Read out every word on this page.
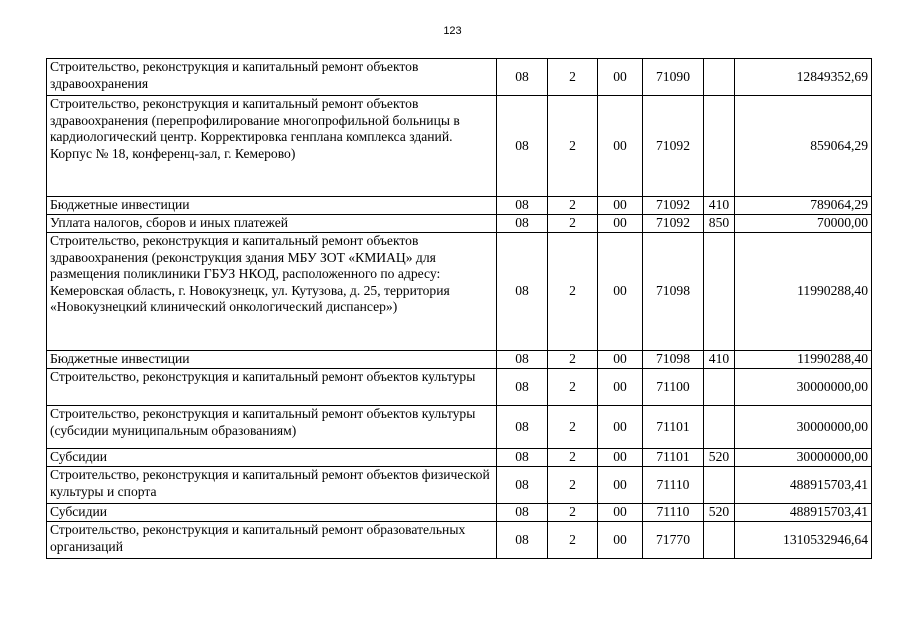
123
Строительство, реконструкция и капитальный ремонт объектов здравоохранения	08	2	00	71090		12849352,69
Строительство, реконструкция и капитальный ремонт объектов здравоохранения (перепрофилирование многопрофильной больницы в кардиологический центр. Корректировка генплана комплекса зданий. Корпус № 18, конференц-зал, г. Кемерово)	08	2	00	71092		859064,29
Бюджетные инвестиции	08	2	00	71092	410	789064,29
Уплата налогов, сборов и иных платежей	08	2	00	71092	850	70000,00
Строительство, реконструкция и капитальный ремонт объектов здравоохранения (реконструкция здания МБУ ЗОТ «КМИАЦ» для размещения поликлиники ГБУЗ НКОД, расположенного по адресу: Кемеровская область, г. Новокузнецк, ул. Кутузова, д. 25, территория «Новокузнецкий клинический онкологический диспансер»)	08	2	00	71098		11990288,40
Бюджетные инвестиции	08	2	00	71098	410	11990288,40
Строительство, реконструкция и капитальный ремонт объектов культуры	08	2	00	71100		30000000,00
Строительство, реконструкция и капитальный ремонт объектов культуры (субсидии муниципальным образованиям)	08	2	00	71101		30000000,00
Субсидии	08	2	00	71101	520	30000000,00
Строительство, реконструкция и капитальный ремонт объектов физической культуры и спорта	08	2	00	71110		488915703,41
Субсидии	08	2	00	71110	520	488915703,41
Строительство, реконструкция и капитальный ремонт образовательных организаций	08	2	00	71770		1310532946,64
